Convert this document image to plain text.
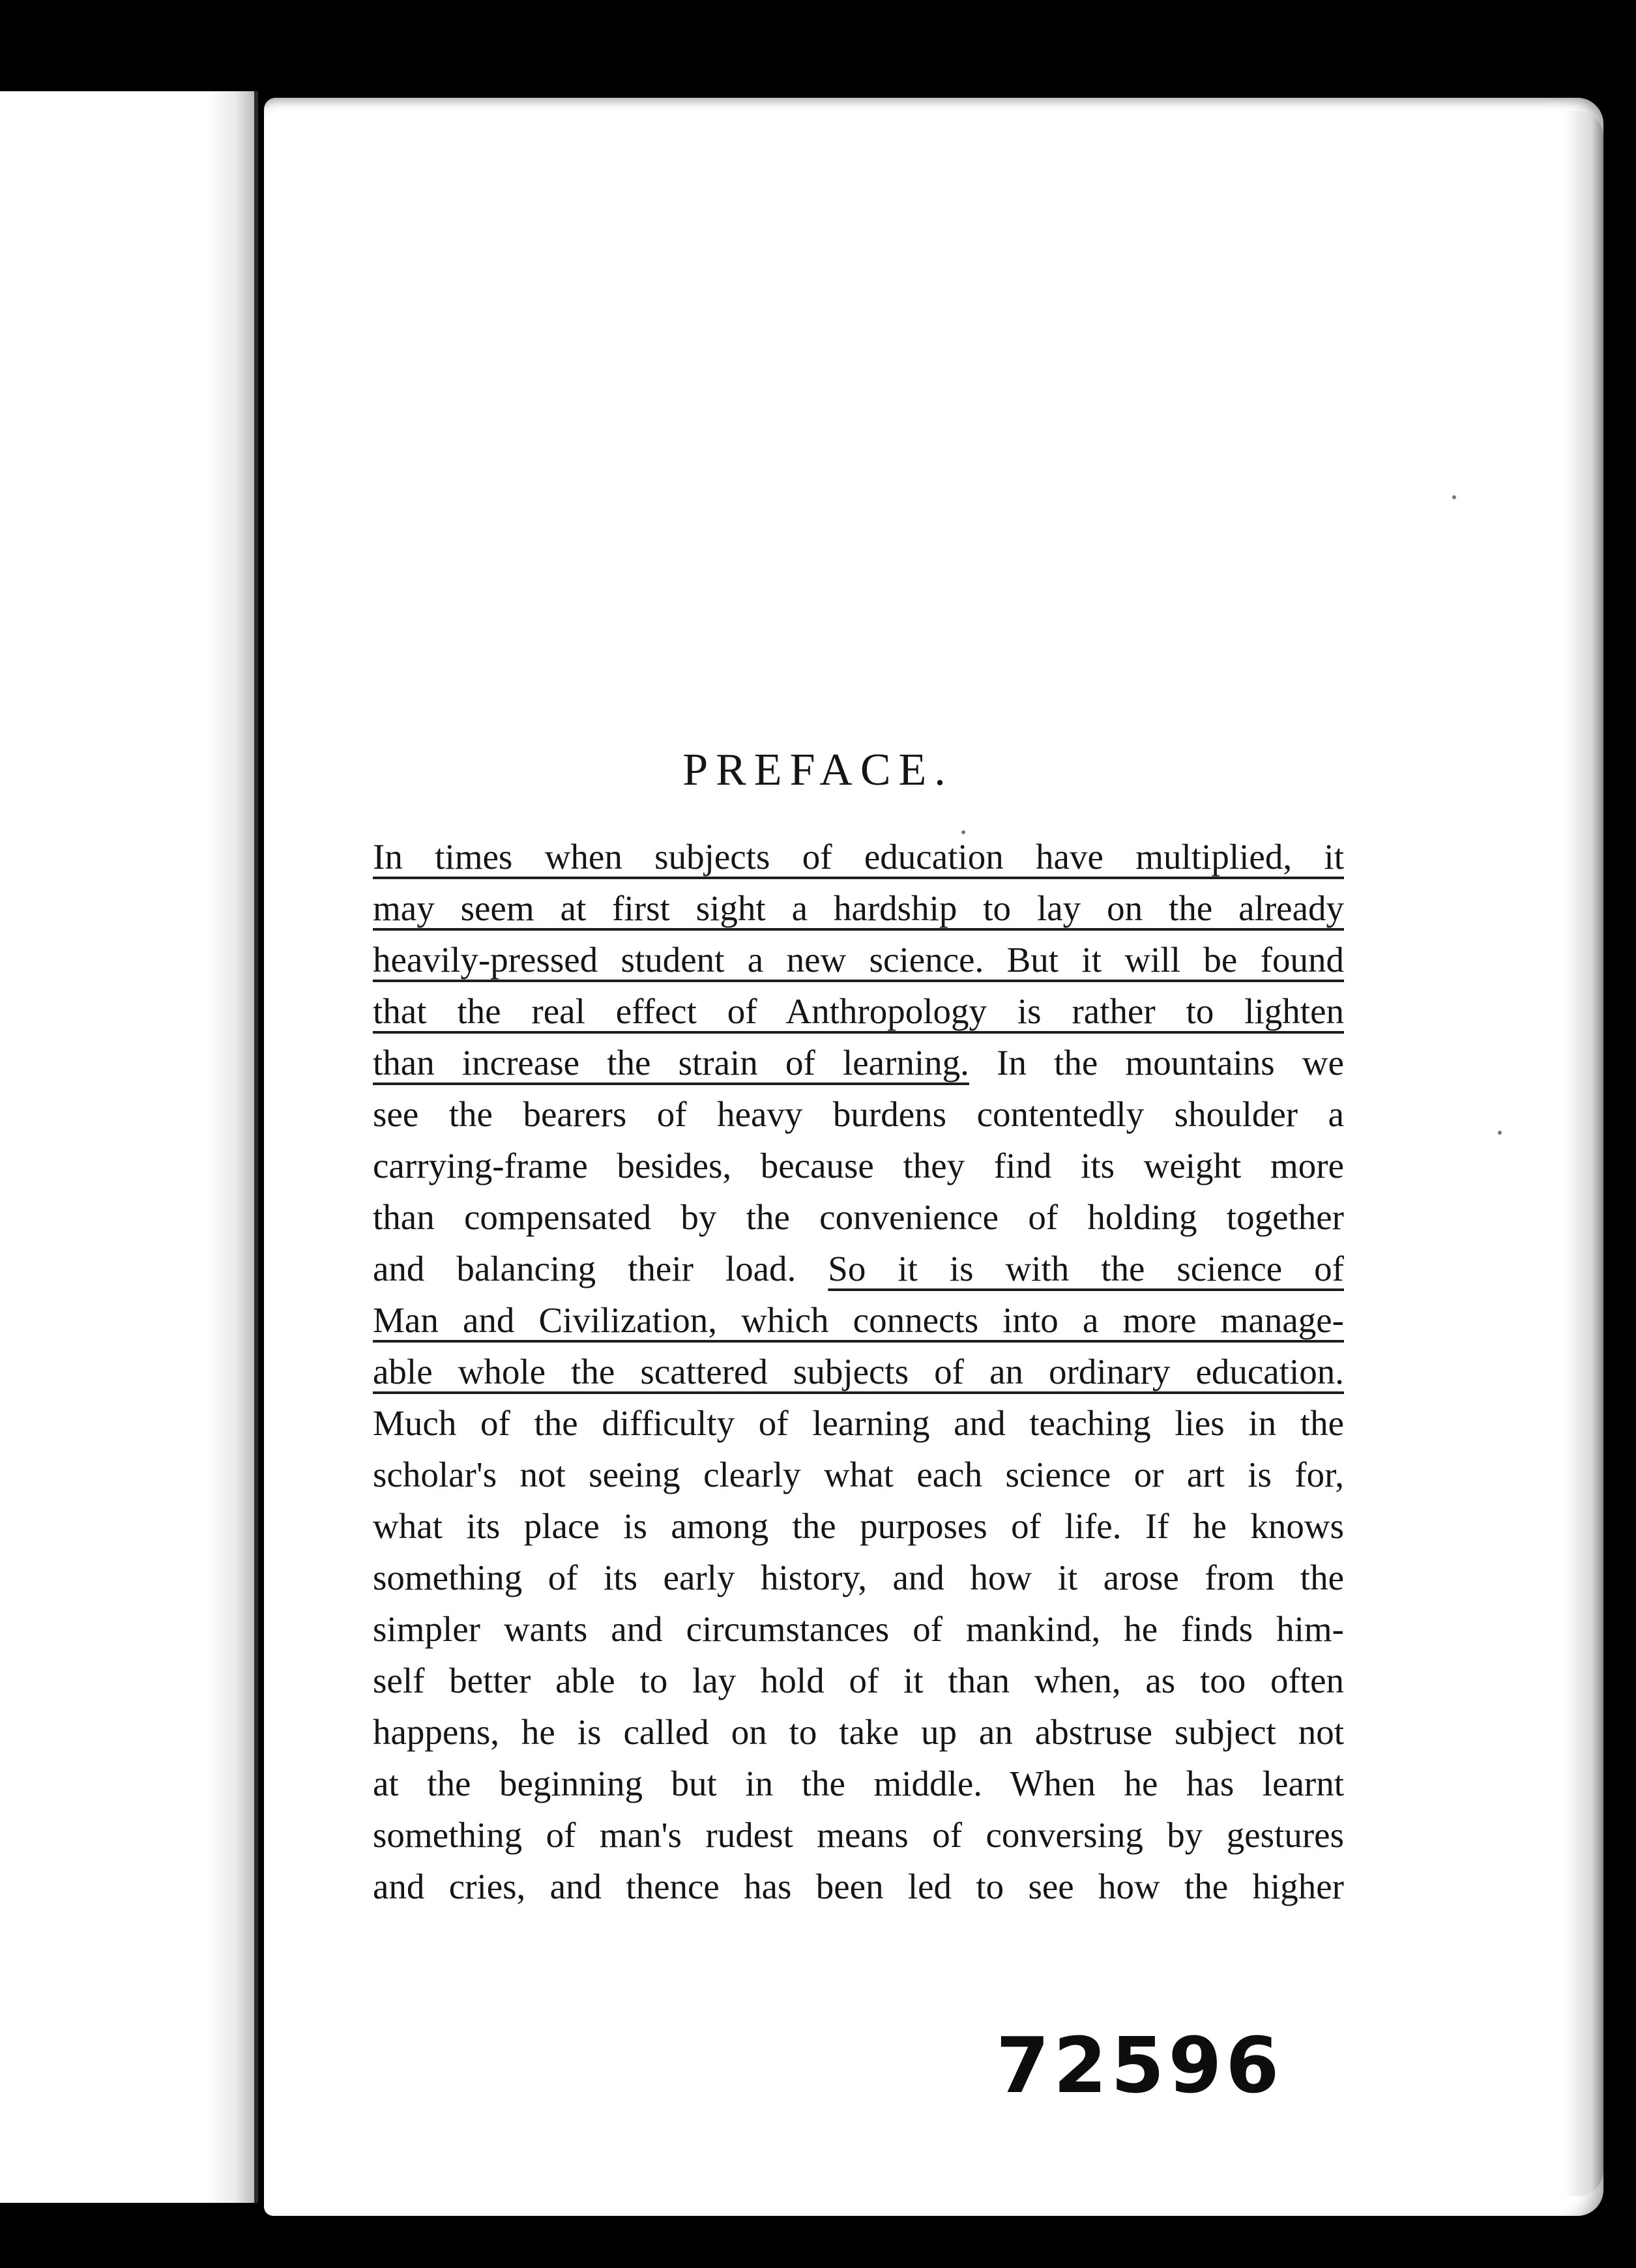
PREFACE.
In times when subjects of education have multiplied, it
may seem at first sight a hardship to lay on the already
heavily-pressed student a new science. But it will be found
that the real effect of Anthropology is rather to lighten
than increase the strain of learning. In the mountains we
see the bearers of heavy burdens contentedly shoulder a
carrying-frame besides, because they find its weight more
than compensated by the convenience of holding together
and balancing their load. So it is with the science of
Man and Civilization, which connects into a more manage-
able whole the scattered subjects of an ordinary education.
Much of the difficulty of learning and teaching lies in the
scholar's not seeing clearly what each science or art is for,
what its place is among the purposes of life. If he knows
something of its early history, and how it arose from the
simpler wants and circumstances of mankind, he finds him-
self better able to lay hold of it than when, as too often
happens, he is called on to take up an abstruse subject not
at the beginning but in the middle. When he has learnt
something of man's rudest means of conversing by gestures
and cries, and thence has been led to see how the higher
72596
